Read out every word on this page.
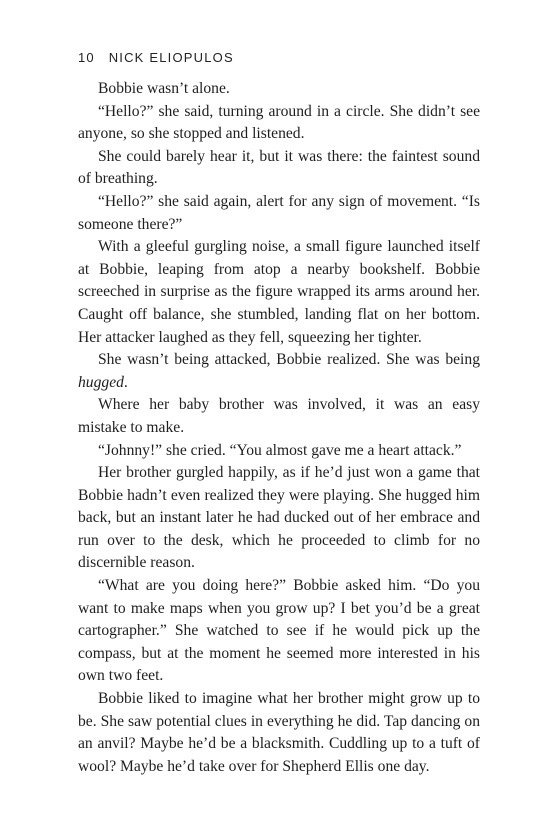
10 NICK ELIOPULOS

Bobbie wasn’t alone.

“Hello?” she said, turning around in a circle. She didn’t see anyone, so she stopped and listened.

She could barely hear it, but it was there: the faintest sound of breathing.

“Hello?” she said again, alert for any sign of movement. “Is someone there?”

With a gleeful gurgling noise, a small figure launched itself at Bobbie, leaping from atop a nearby bookshelf. Bobbie screeched in surprise as the figure wrapped its arms around her. Caught off balance, she stumbled, landing flat on her bottom. Her attacker laughed as they fell, squeezing her tighter.

She wasn’t being attacked, Bobbie realized. She was being hugged.

Where her baby brother was involved, it was an easy mistake to make.

“Johnny!” she cried. “You almost gave me a heart attack.”

Her brother gurgled happily, as if he’d just won a game that Bobbie hadn’t even realized they were playing. She hugged him back, but an instant later he had ducked out of her embrace and run over to the desk, which he proceeded to climb for no discernible reason.

“What are you doing here?” Bobbie asked him. “Do you want to make maps when you grow up? I bet you’d be a great cartographer.” She watched to see if he would pick up the compass, but at the moment he seemed more interested in his own two feet.

Bobbie liked to imagine what her brother might grow up to be. She saw potential clues in everything he did. Tap dancing on an anvil? Maybe he’d be a blacksmith. Cuddling up to a tuft of wool? Maybe he’d take over for Shepherd Ellis one day.
